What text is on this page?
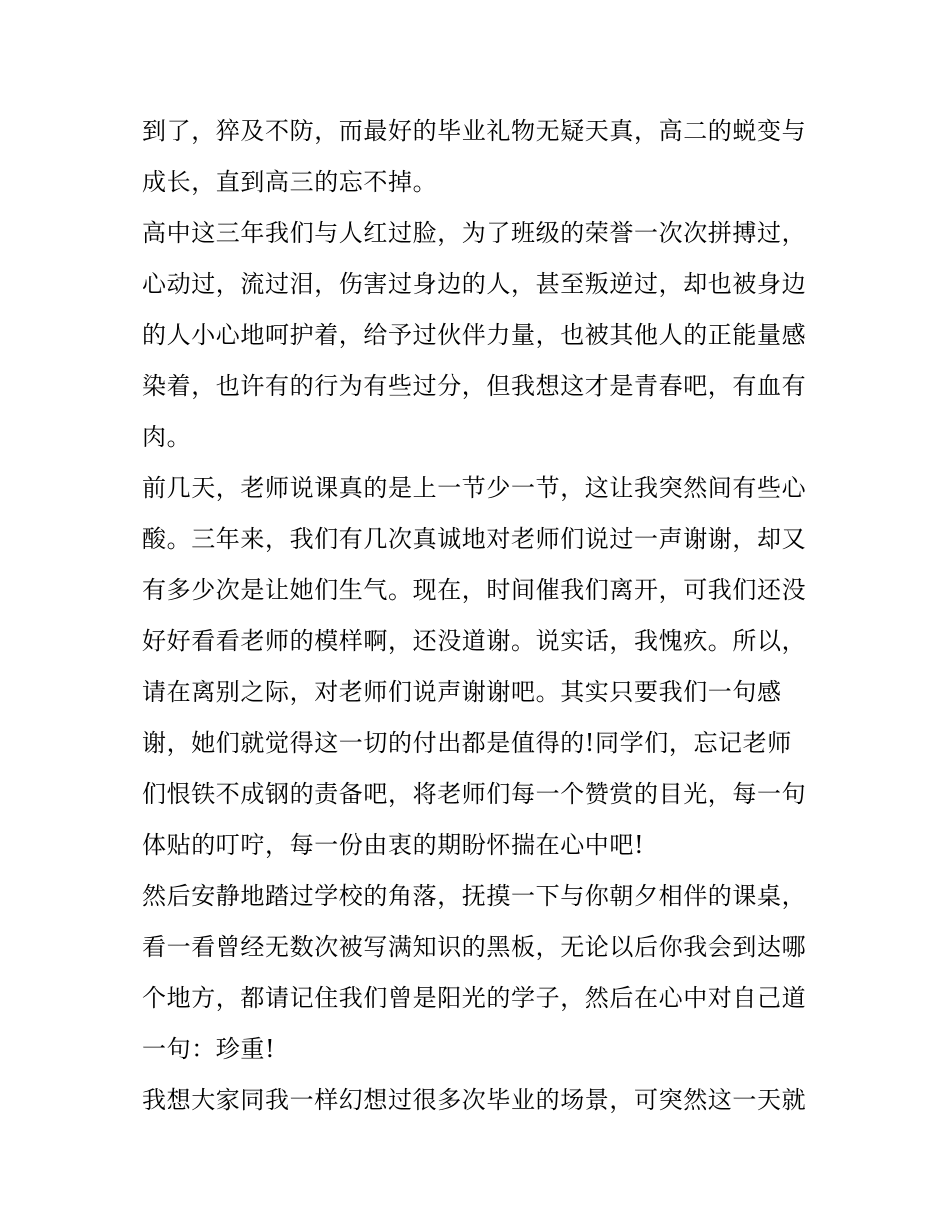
到了，猝及不防，而最好的毕业礼物无疑天真，高二的蜕变与
成长，直到高三的忘不掉。
高中这三年我们与人红过脸，为了班级的荣誉一次次拼搏过，
心动过，流过泪，伤害过身边的人，甚至叛逆过，却也被身边
的人小心地呵护着，给予过伙伴力量，也被其他人的正能量感
染着，也许有的行为有些过分，但我想这才是青春吧，有血有
肉。
前几天，老师说课真的是上一节少一节，这让我突然间有些心
酸。三年来，我们有几次真诚地对老师们说过一声谢谢，却又
有多少次是让她们生气。现在，时间催我们离开，可我们还没
好好看看老师的模样啊，还没道谢。说实话，我愧疚。所以，
请在离别之际，对老师们说声谢谢吧。其实只要我们一句感
谢，她们就觉得这一切的付出都是值得的!同学们，忘记老师
们恨铁不成钢的责备吧，将老师们每一个赞赏的目光，每一句
体贴的叮咛，每一份由衷的期盼怀揣在心中吧!
然后安静地踏过学校的角落，抚摸一下与你朝夕相伴的课桌，
看一看曾经无数次被写满知识的黑板，无论以后你我会到达哪
个地方，都请记住我们曾是阳光的学子，然后在心中对自己道
一句：珍重!
我想大家同我一样幻想过很多次毕业的场景，可突然这一天就
